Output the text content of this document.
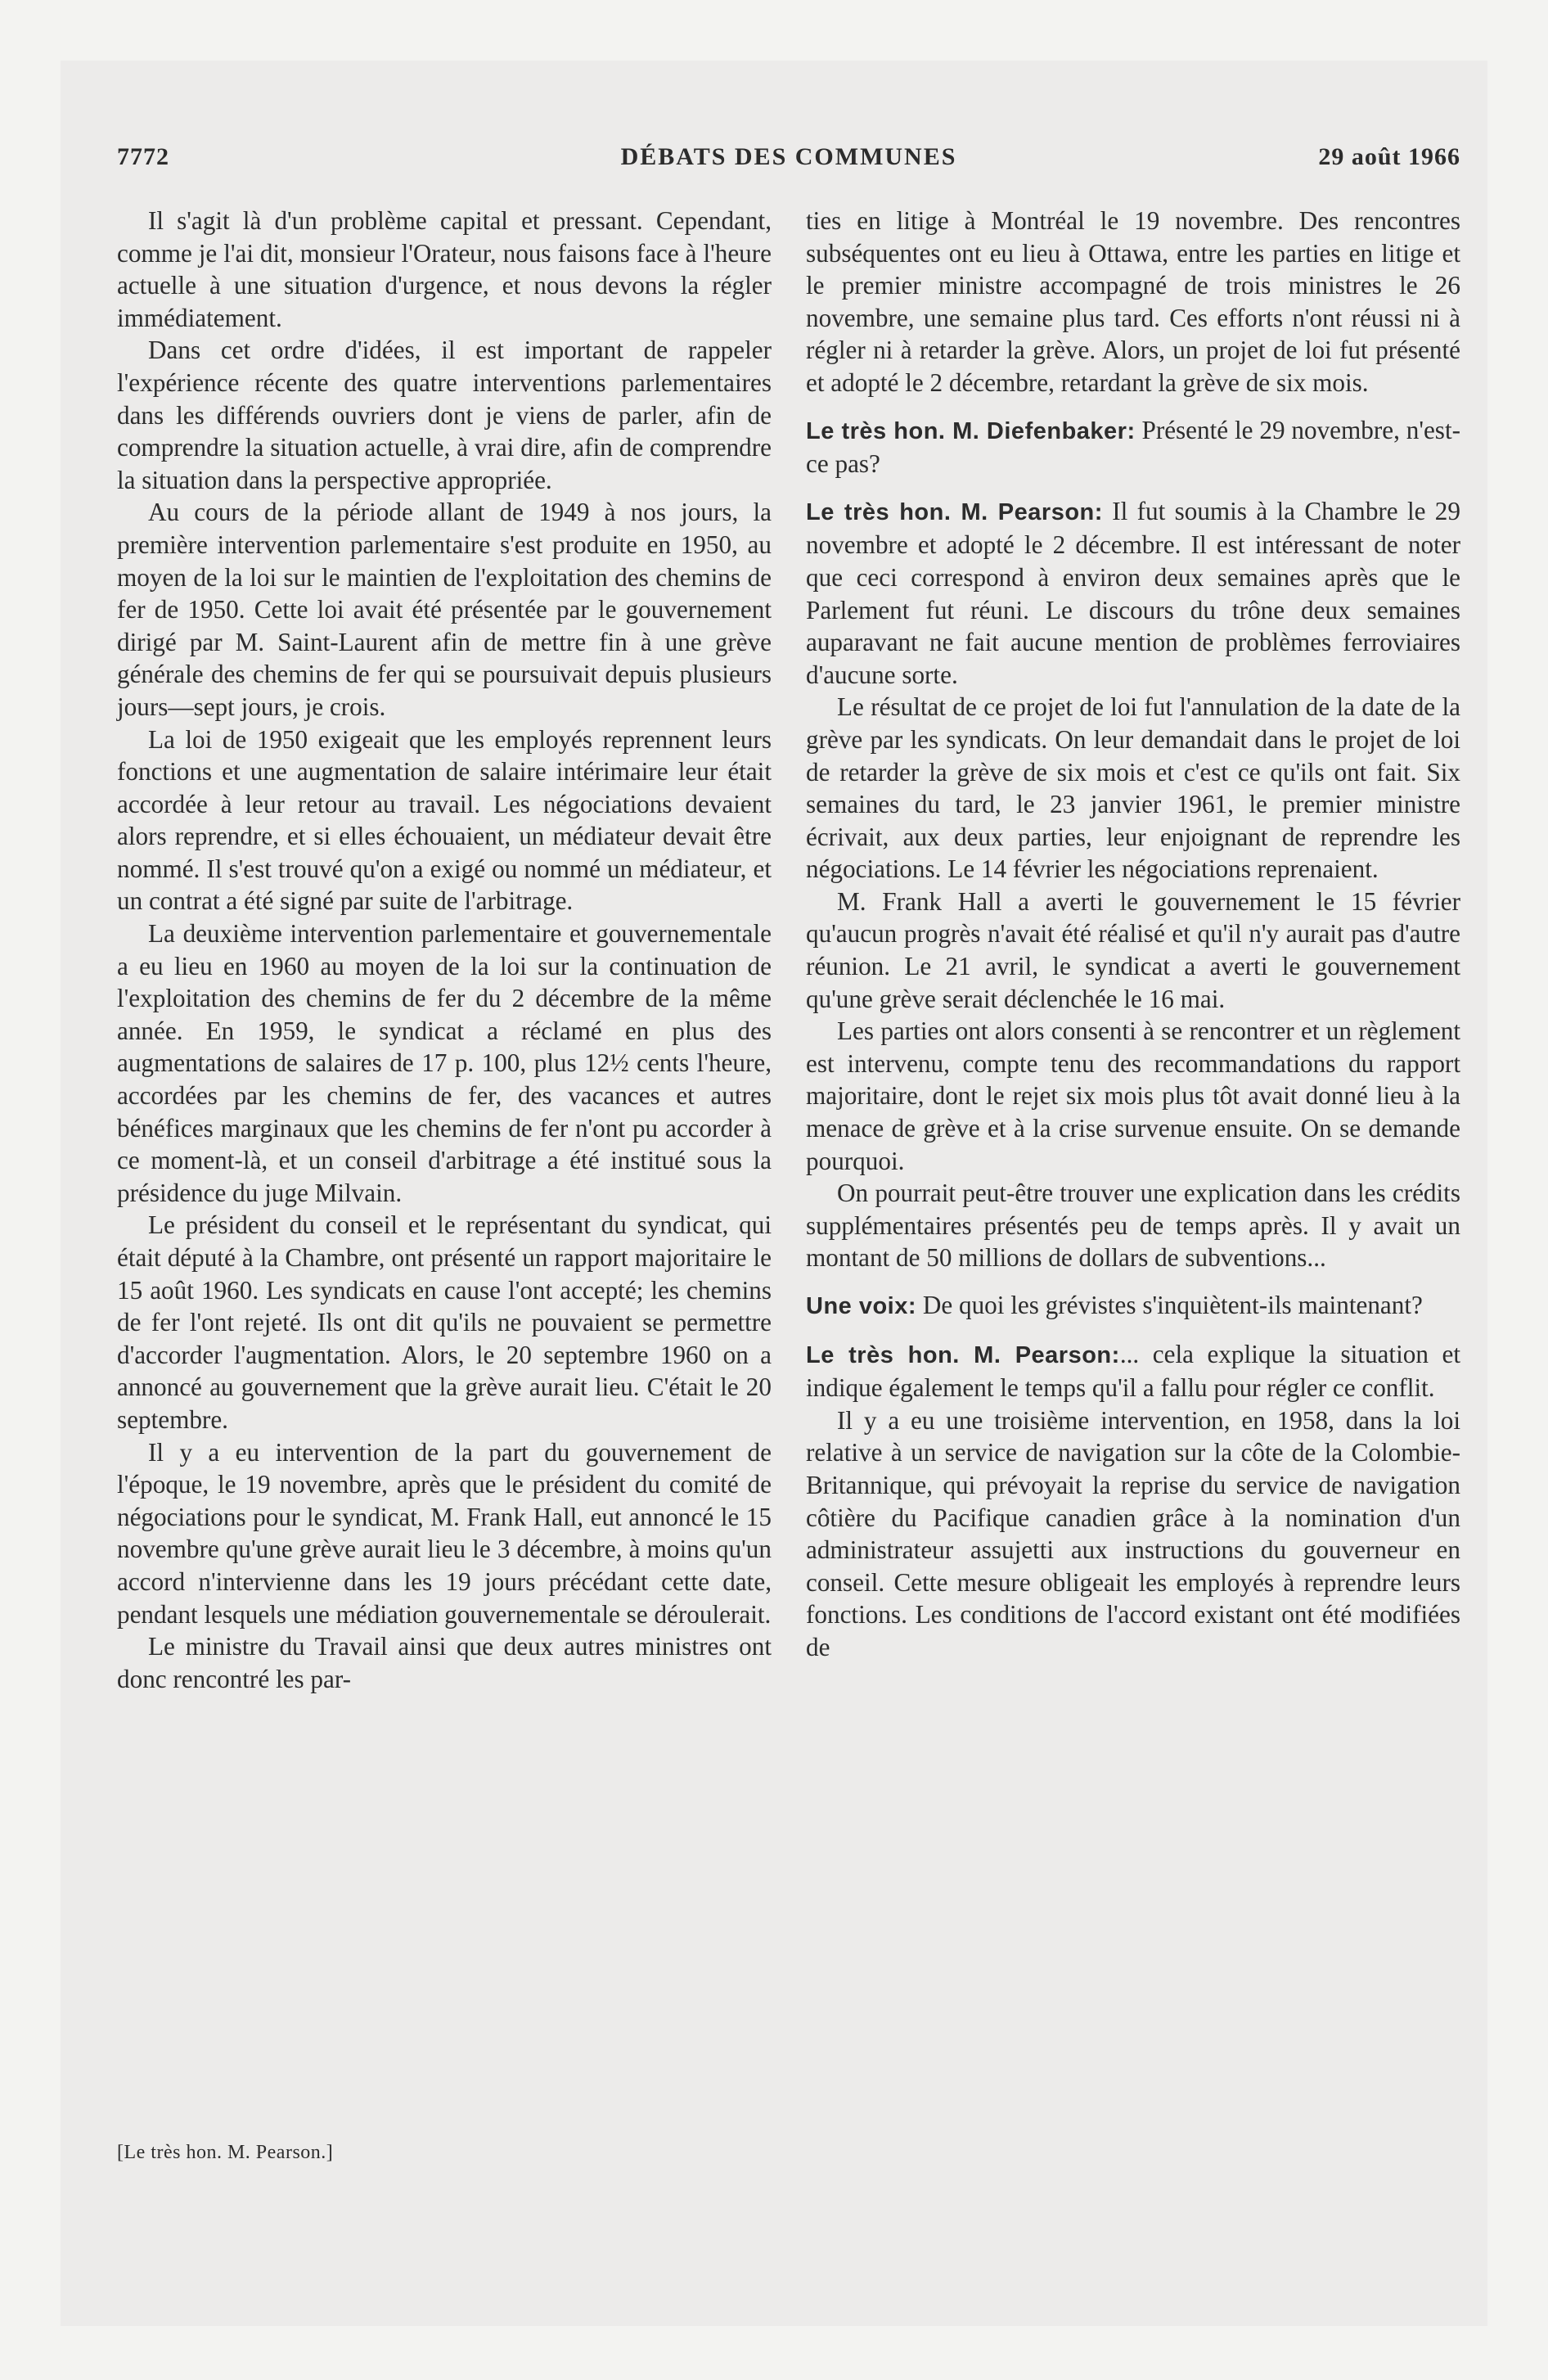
7772	DÉBATS DES COMMUNES	29 août 1966

Il s'agit là d'un problème capital et pressant. Cependant, comme je l'ai dit, monsieur l'Orateur, nous faisons face à l'heure actuelle à une situation d'urgence, et nous devons la régler immédiatement.

Dans cet ordre d'idées, il est important de rappeler l'expérience récente des quatre interventions parlementaires dans les différends ouvriers dont je viens de parler, afin de comprendre la situation actuelle, à vrai dire, afin de comprendre la situation dans la perspective appropriée.

Au cours de la période allant de 1949 à nos jours, la première intervention parlementaire s'est produite en 1950, au moyen de la loi sur le maintien de l'exploitation des chemins de fer de 1950. Cette loi avait été présentée par le gouvernement dirigé par M. Saint-Laurent afin de mettre fin à une grève générale des chemins de fer qui se poursuivait depuis plusieurs jours—sept jours, je crois.

La loi de 1950 exigeait que les employés reprennent leurs fonctions et une augmentation de salaire intérimaire leur était accordée à leur retour au travail. Les négociations devaient alors reprendre, et si elles échouaient, un médiateur devait être nommé. Il s'est trouvé qu'on a exigé ou nommé un médiateur, et un contrat a été signé par suite de l'arbitrage.

La deuxième intervention parlementaire et gouvernementale a eu lieu en 1960 au moyen de la loi sur la continuation de l'exploitation des chemins de fer du 2 décembre de la même année. En 1959, le syndicat a réclamé en plus des augmentations de salaires de 17 p. 100, plus 12½ cents l'heure, accordées par les chemins de fer, des vacances et autres bénéfices marginaux que les chemins de fer n'ont pu accorder à ce moment-là, et un conseil d'arbitrage a été institué sous la présidence du juge Milvain.

Le président du conseil et le représentant du syndicat, qui était député à la Chambre, ont présenté un rapport majoritaire le 15 août 1960. Les syndicats en cause l'ont accepté; les chemins de fer l'ont rejeté. Ils ont dit qu'ils ne pouvaient se permettre d'accorder l'augmentation. Alors, le 20 septembre 1960 on a annoncé au gouvernement que la grève aurait lieu. C'était le 20 septembre.

Il y a eu intervention de la part du gouvernement de l'époque, le 19 novembre, après que le président du comité de négociations pour le syndicat, M. Frank Hall, eut annoncé le 15 novembre qu'une grève aurait lieu le 3 décembre, à moins qu'un accord n'intervienne dans les 19 jours précédant cette date, pendant lesquels une médiation gouvernementale se déroulerait.

Le ministre du Travail ainsi que deux autres ministres ont donc rencontré les par-

ties en litige à Montréal le 19 novembre. Des rencontres subséquentes ont eu lieu à Ottawa, entre les parties en litige et le premier ministre accompagné de trois ministres le 26 novembre, une semaine plus tard. Ces efforts n'ont réussi ni à régler ni à retarder la grève. Alors, un projet de loi fut présenté et adopté le 2 décembre, retardant la grève de six mois.

Le très hon. M. Diefenbaker: Présenté le 29 novembre, n'est-ce pas?

Le très hon. M. Pearson: Il fut soumis à la Chambre le 29 novembre et adopté le 2 décembre. Il est intéressant de noter que ceci correspond à environ deux semaines après que le Parlement fut réuni. Le discours du trône deux semaines auparavant ne fait aucune mention de problèmes ferroviaires d'aucune sorte.

Le résultat de ce projet de loi fut l'annulation de la date de la grève par les syndicats. On leur demandait dans le projet de loi de retarder la grève de six mois et c'est ce qu'ils ont fait. Six semaines du tard, le 23 janvier 1961, le premier ministre écrivait, aux deux parties, leur enjoignant de reprendre les négociations. Le 14 février les négociations reprenaient.

M. Frank Hall a averti le gouvernement le 15 février qu'aucun progrès n'avait été réalisé et qu'il n'y aurait pas d'autre réunion. Le 21 avril, le syndicat a averti le gouvernement qu'une grève serait déclenchée le 16 mai.

Les parties ont alors consenti à se rencontrer et un règlement est intervenu, compte tenu des recommandations du rapport majoritaire, dont le rejet six mois plus tôt avait donné lieu à la menace de grève et à la crise survenue ensuite. On se demande pourquoi.

On pourrait peut-être trouver une explication dans les crédits supplémentaires présentés peu de temps après. Il y avait un montant de 50 millions de dollars de subventions...

Une voix: De quoi les grévistes s'inquiètent-ils maintenant?

Le très hon. M. Pearson:... cela explique la situation et indique également le temps qu'il a fallu pour régler ce conflit.

Il y a eu une troisième intervention, en 1958, dans la loi relative à un service de navigation sur la côte de la Colombie-Britannique, qui prévoyait la reprise du service de navigation côtière du Pacifique canadien grâce à la nomination d'un administrateur assujetti aux instructions du gouverneur en conseil. Cette mesure obligeait les employés à reprendre leurs fonctions. Les conditions de l'accord existant ont été modifiées de

[Le très hon. M. Pearson.]
